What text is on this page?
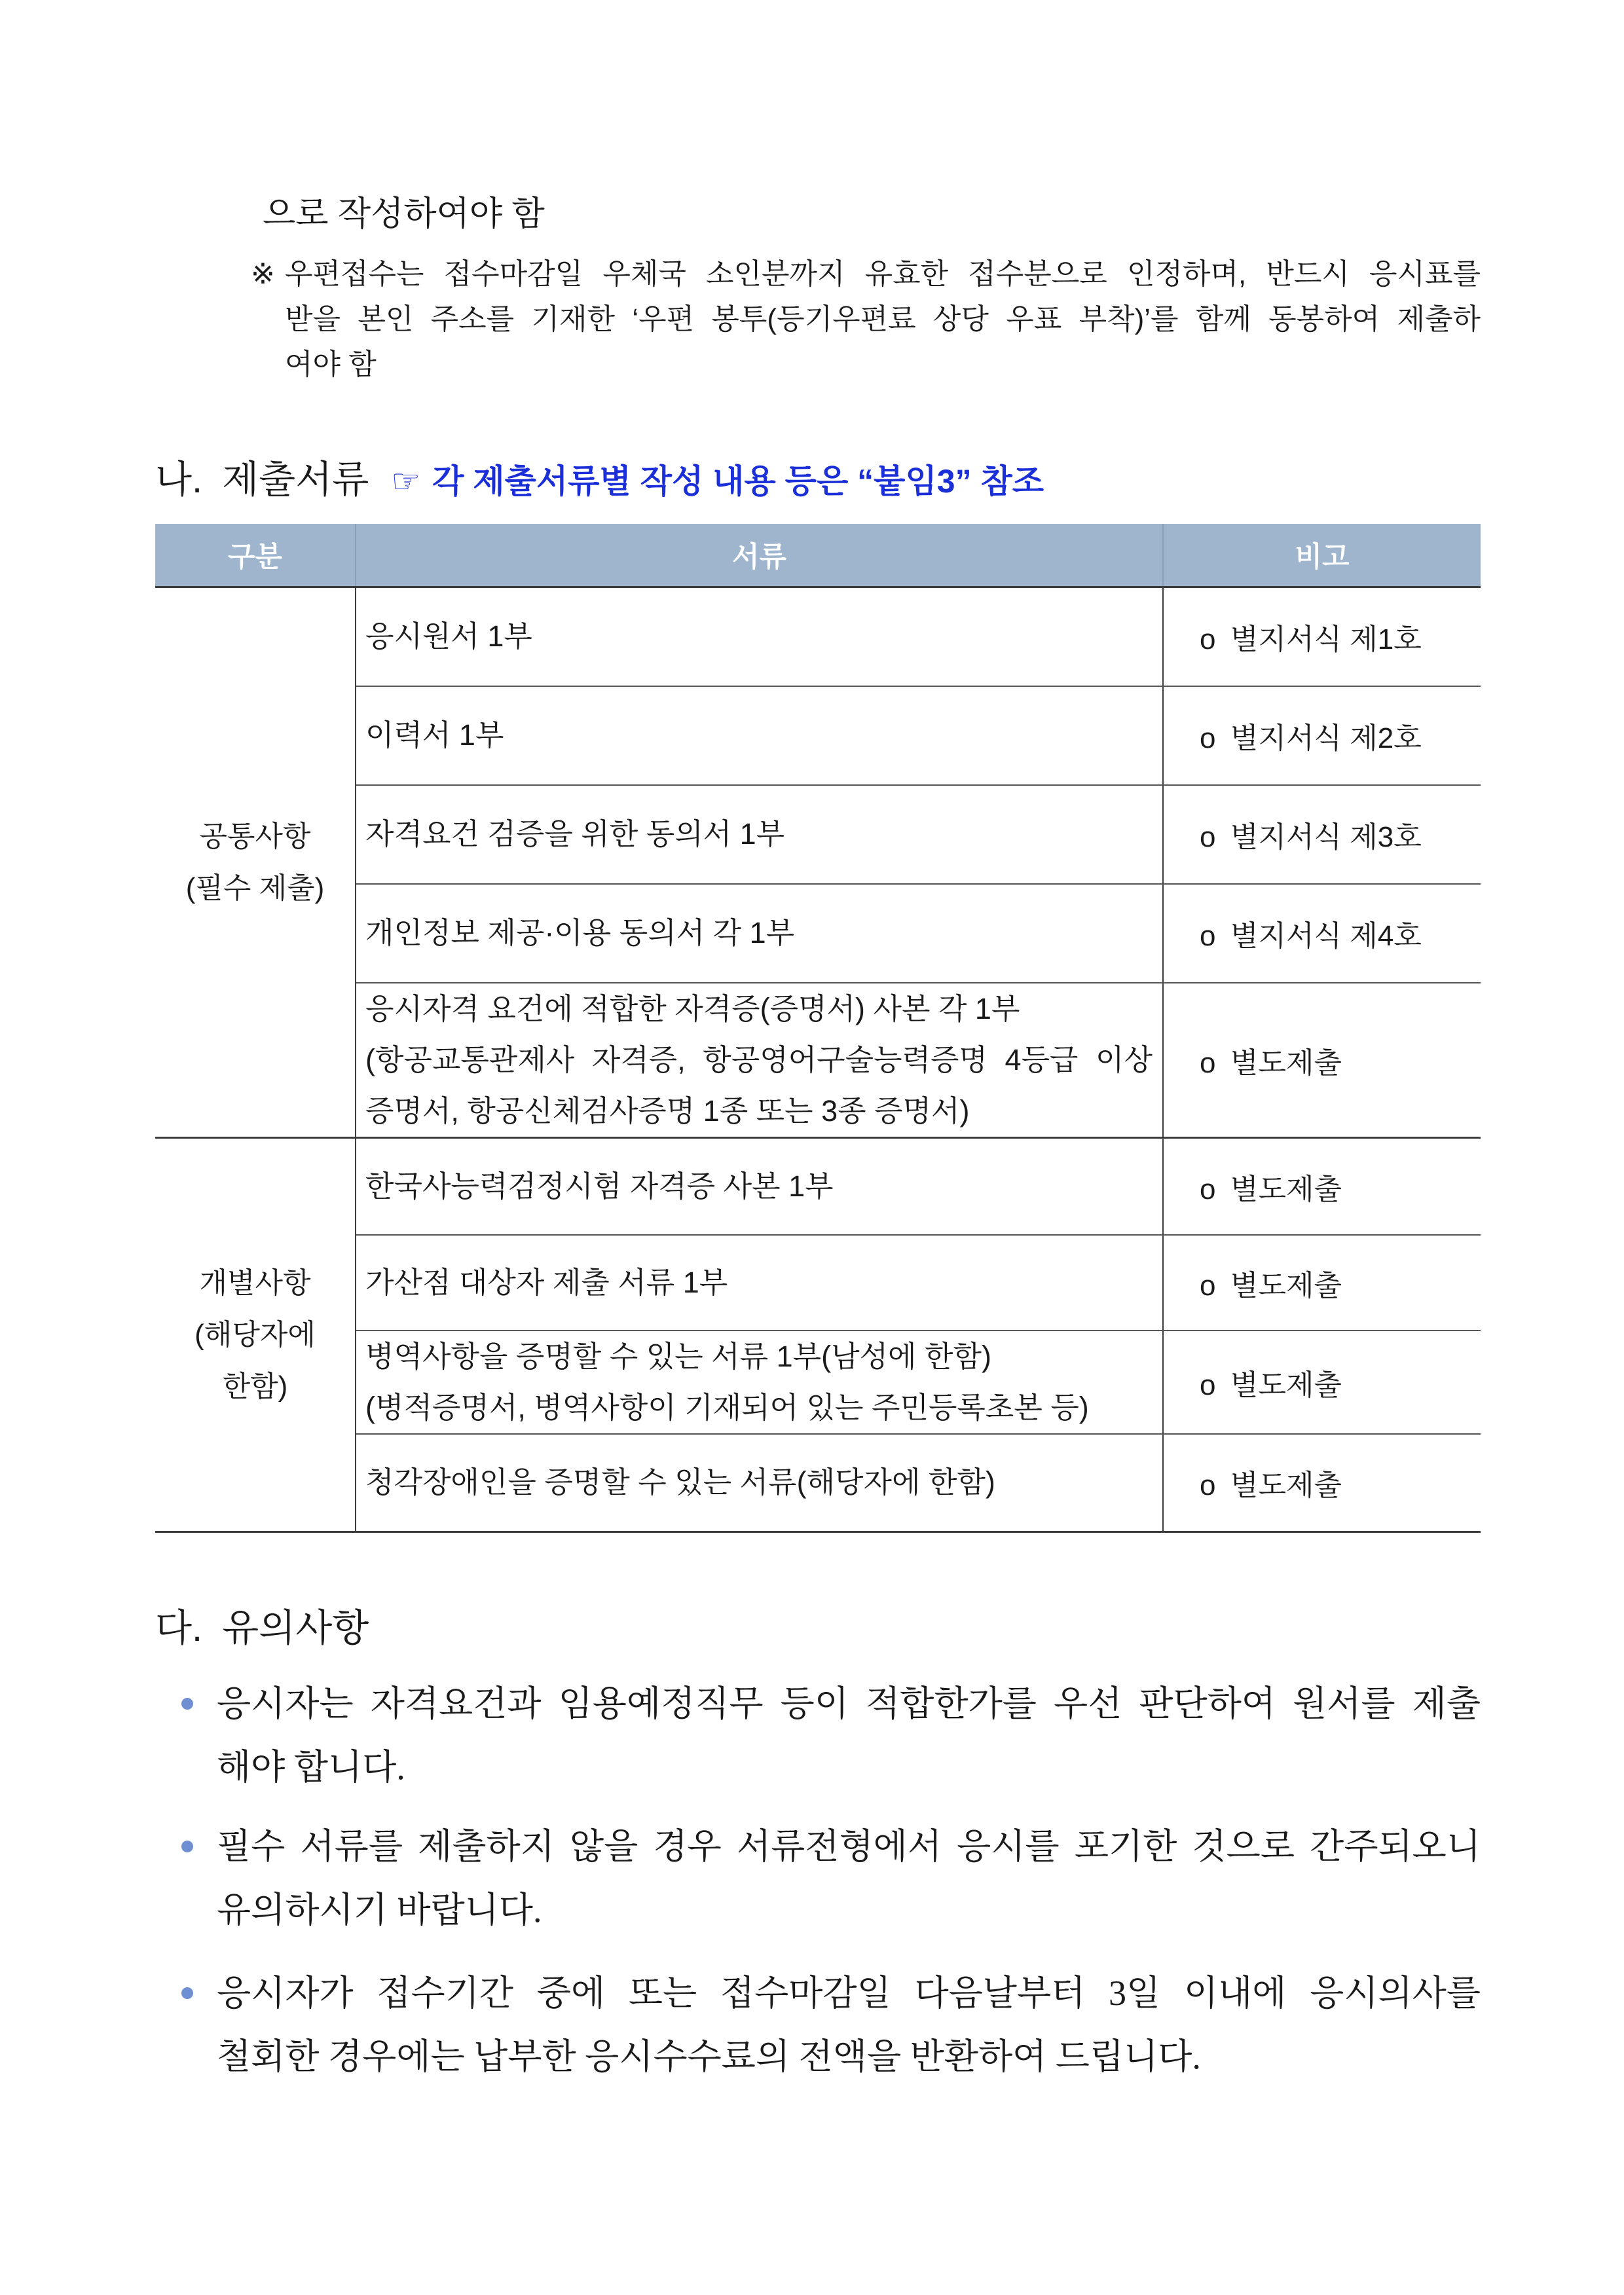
으로 작성하여야 함
※ 우편접수는 접수마감일 우체국 소인분까지 유효한 접수분으로 인정하며, 반드시 응시표를
받을 본인 주소를 기재한 ‘우편 봉투(등기우편료 상당 우표 부착)’를 함께 동봉하여 제출하
여야 함
나. 제출서류 ☞ 각 제출서류별 작성 내용 등은 “붙임3” 참조
구분	서류	비고

공통사항
(필수 제출)	응시원서 1부	o 별지서식 제1호

	이력서 1부	o 별지서식 제2호

	자격요건 검증을 위한 동의서 1부	o 별지서식 제3호

	개인정보 제공·이용 동의서 각 1부	o 별지서식 제4호

	응시자격 요건에 적합한 자격증(증명서) 사본 각 1부
(항공교통관제사 자격증, 항공영어구술능력증명 4등급 이상
증명서, 항공신체검사증명 1종 또는 3종 증명서)	o 별도제출

개별사항
(해당자에
한함)	한국사능력검정시험 자격증 사본 1부	o 별도제출

	가산점 대상자 제출 서류 1부	o 별도제출

	병역사항을 증명할 수 있는 서류 1부(남성에 한함)
(병적증명서, 병역사항이 기재되어 있는 주민등록초본 등)	o 별도제출

	청각장애인을 증명할 수 있는 서류(해당자에 한함)	o 별도제출
다. 유의사항
응시자는 자격요건과 임용예정직무 등이 적합한가를 우선 판단하여 원서를 제출
해야 합니다.
필수 서류를 제출하지 않을 경우 서류전형에서 응시를 포기한 것으로 간주되오니
유의하시기 바랍니다.
응시자가 접수기간 중에 또는 접수마감일 다음날부터 3일 이내에 응시의사를
철회한 경우에는 납부한 응시수수료의 전액을 반환하여 드립니다.
